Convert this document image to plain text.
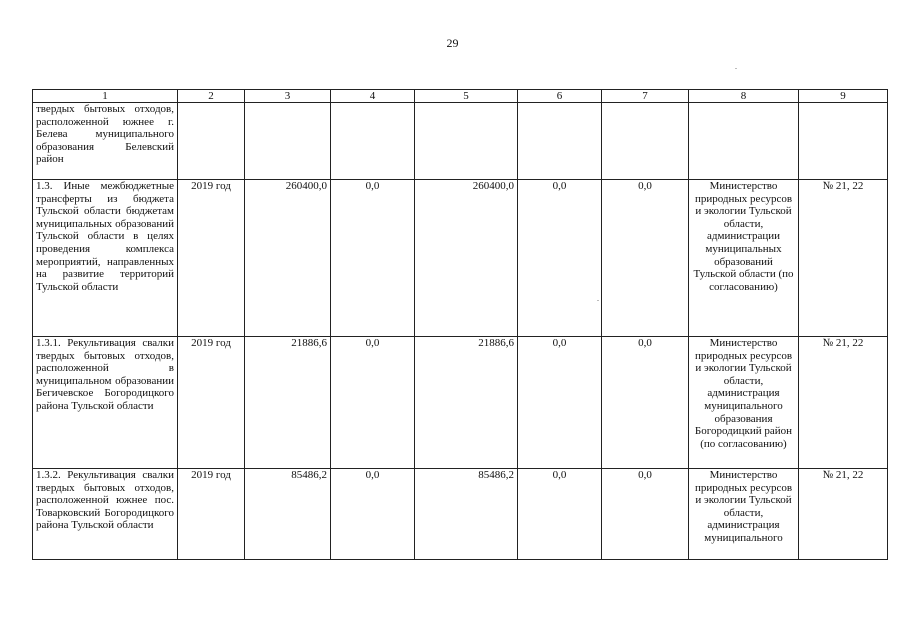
29
1	2	3	4	5	6	7	8	9
твердых бытовых отходов, расположенной южнее г. Белева муниципального образования Белевский район								
1.3. Иные межбюджетные трансферты из бюджета Тульской области бюджетам муниципальных образований Тульской области в целях проведения комплекса мероприятий, направленных на развитие территорий Тульской области	2019 год	260400,0	0,0	260400,0	0,0	0,0	Министерство природных ресурсов и экологии Тульской области, администрации муниципальных образований Тульской области (по согласованию)	№ 21, 22
1.3.1. Рекультивация свалки твердых бытовых отходов, расположенной в муниципальном образовании Бегичевское Богородицкого района Тульской области	2019 год	21886,6	0,0	21886,6	0,0	0,0	Министерство природных ресурсов и экологии Тульской области, администрация муниципального образования Богородицкий район (по согласованию)	№ 21, 22
1.3.2. Рекультивация свалки твердых бытовых отходов, расположенной южнее пос. Товарковский Богородицкого района Тульской области	2019 год	85486,2	0,0	85486,2	0,0	0,0	Министерство природных ресурсов и экологии Тульской области, администрация муниципального	№ 21, 22
